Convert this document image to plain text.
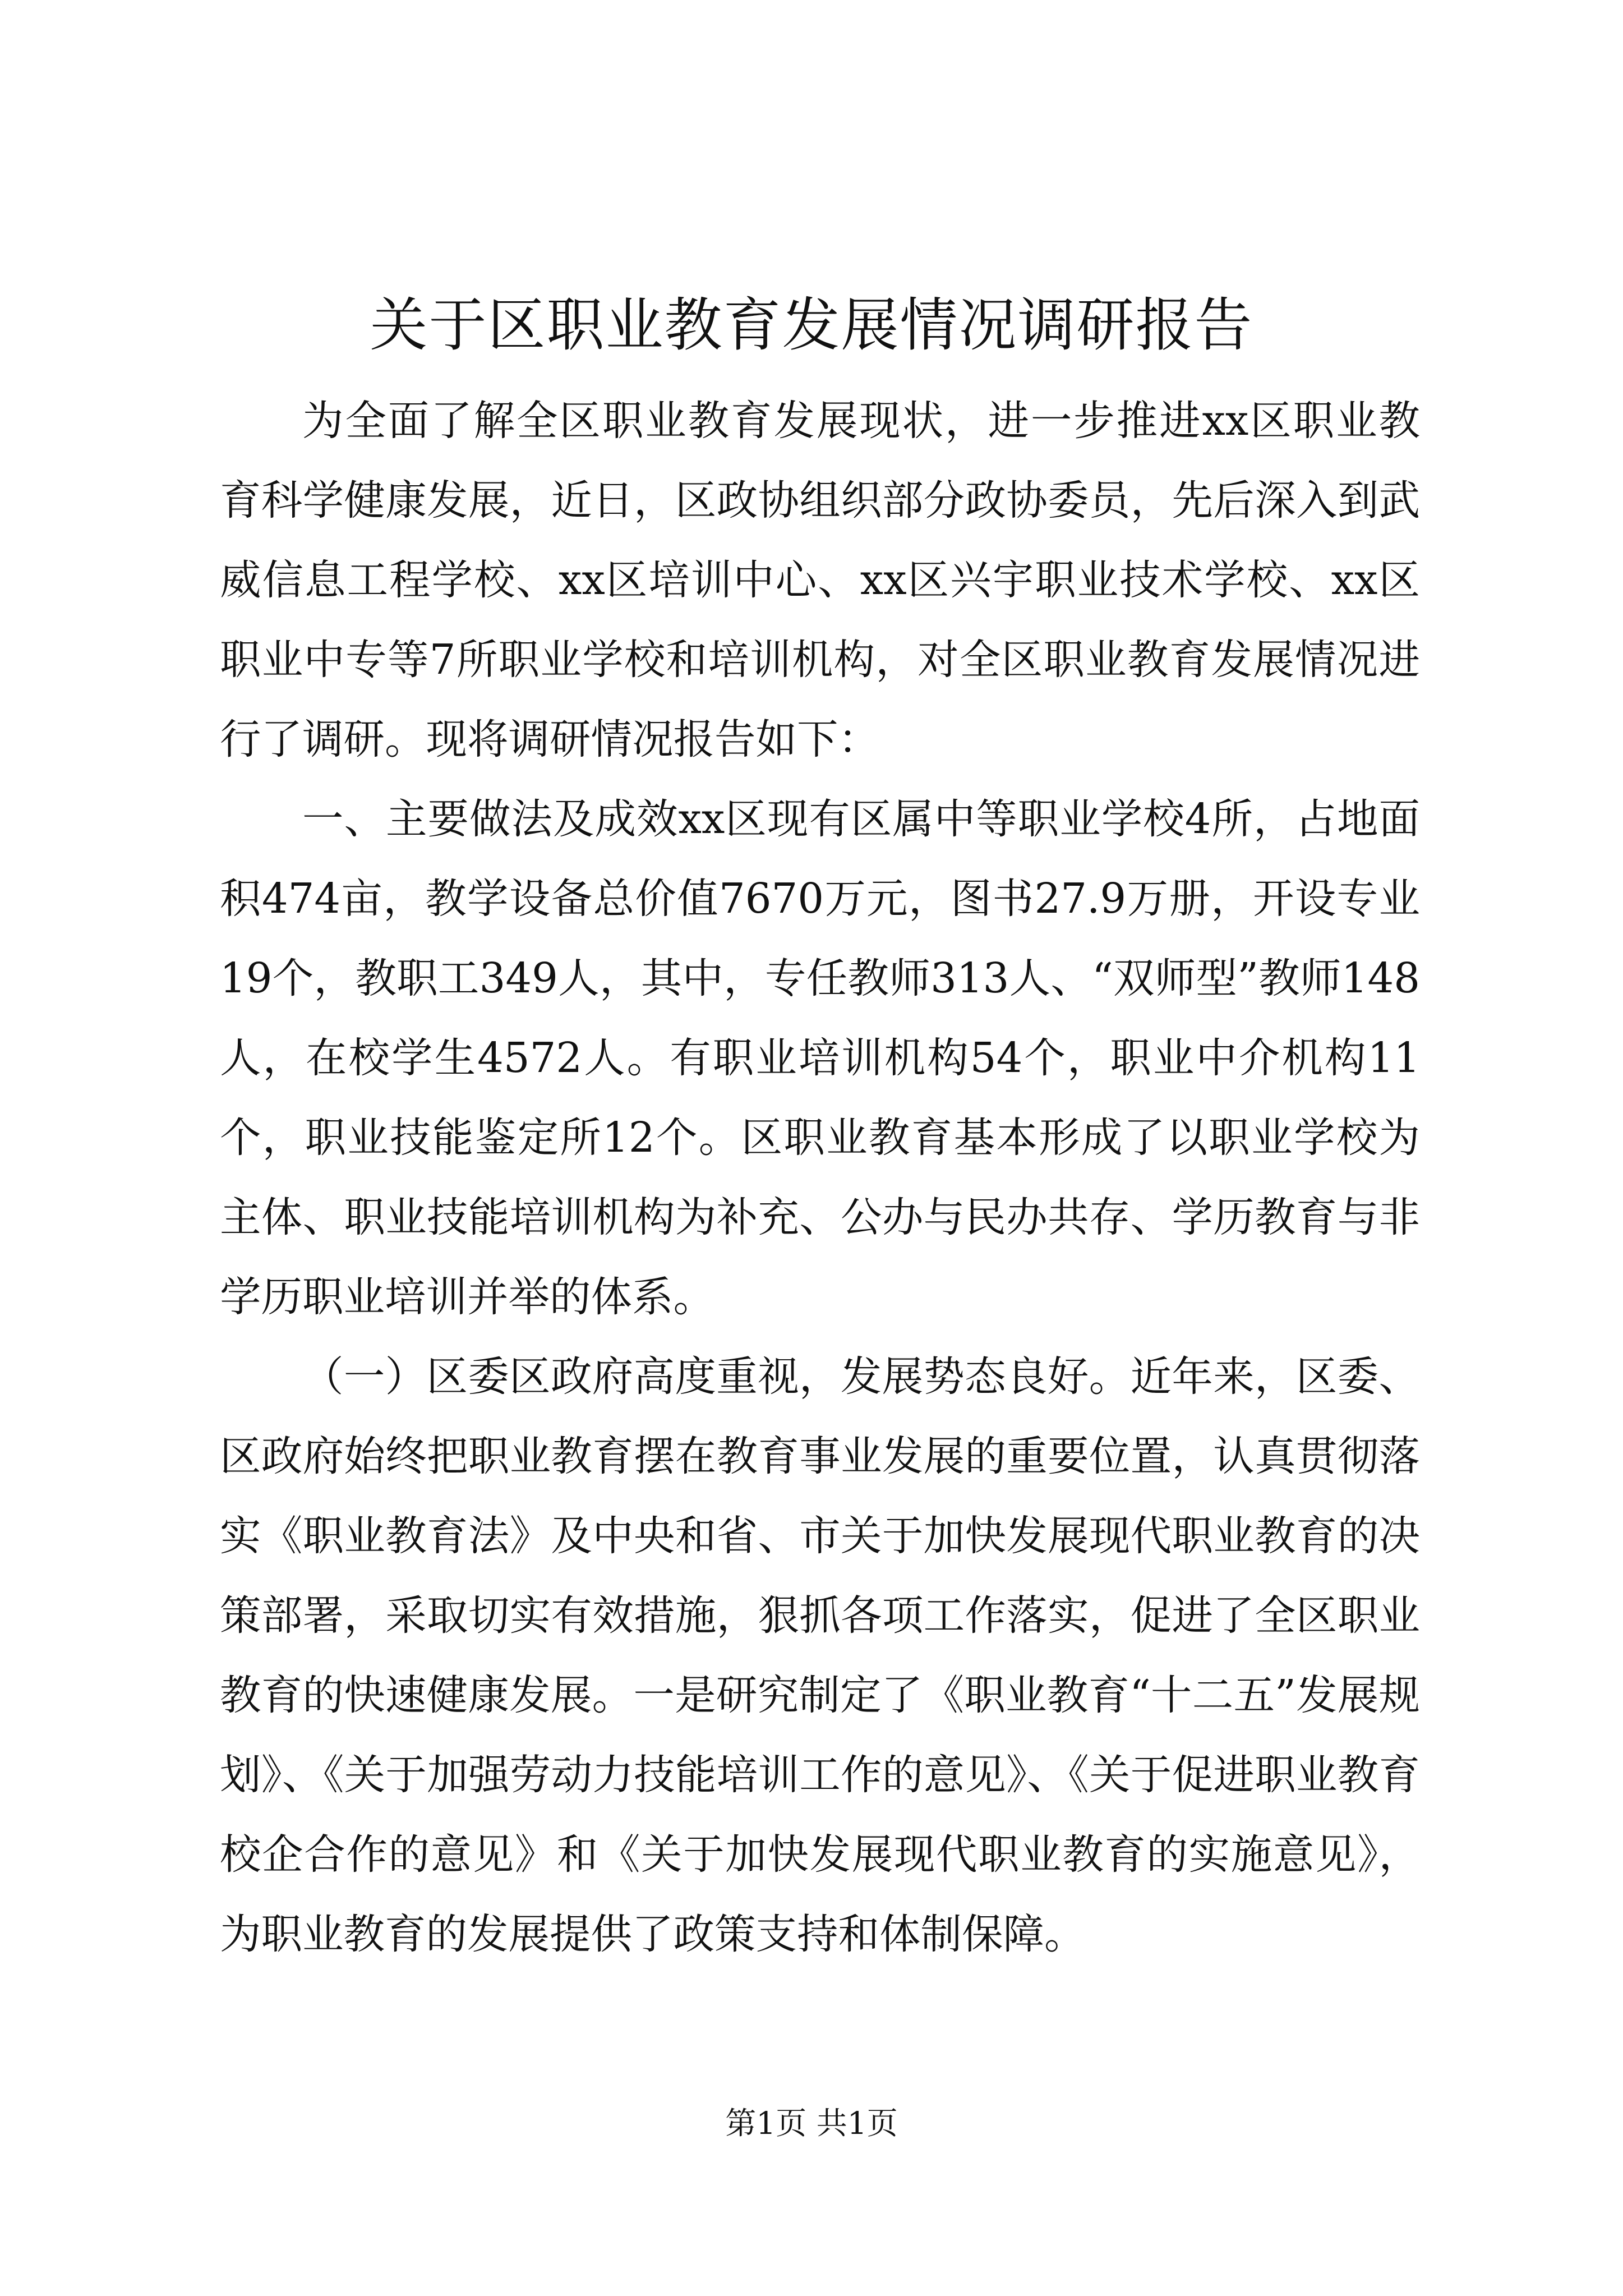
关于区职业教育发展情况调研报告

为全面了解全区职业教育发展现状，进一步推进xx区职业教育科学健康发展，近日，区政协组织部分政协委员，先后深入到武威信息工程学校、xx区培训中心、xx区兴宇职业技术学校、xx区职业中专等7所职业学校和培训机构，对全区职业教育发展情况进行了调研。现将调研情况报告如下：

一、主要做法及成效xx区现有区属中等职业学校4所，占地面积474亩，教学设备总价值7670万元，图书27.9万册，开设专业19个，教职工349人，其中，专任教师313人、“双师型”教师148人，在校学生4572人。有职业培训机构54个，职业中介机构11个，职业技能鉴定所12个。区职业教育基本形成了以职业学校为主体、职业技能培训机构为补充、公办与民办共存、学历教育与非学历职业培训并举的体系。

（一）区委区政府高度重视，发展势态良好。近年来，区委、区政府始终把职业教育摆在教育事业发展的重要位置，认真贯彻落实《职业教育法》及中央和省、市关于加快发展现代职业教育的决策部署，采取切实有效措施，狠抓各项工作落实，促进了全区职业教育的快速健康发展。一是研究制定了《职业教育“十二五”发展规划》、《关于加强劳动力技能培训工作的意见》、《关于促进职业教育校企合作的意见》和《关于加快发展现代职业教育的实施意见》，为职业教育的发展提供了政策支持和体制保障。

第1页 共1页
